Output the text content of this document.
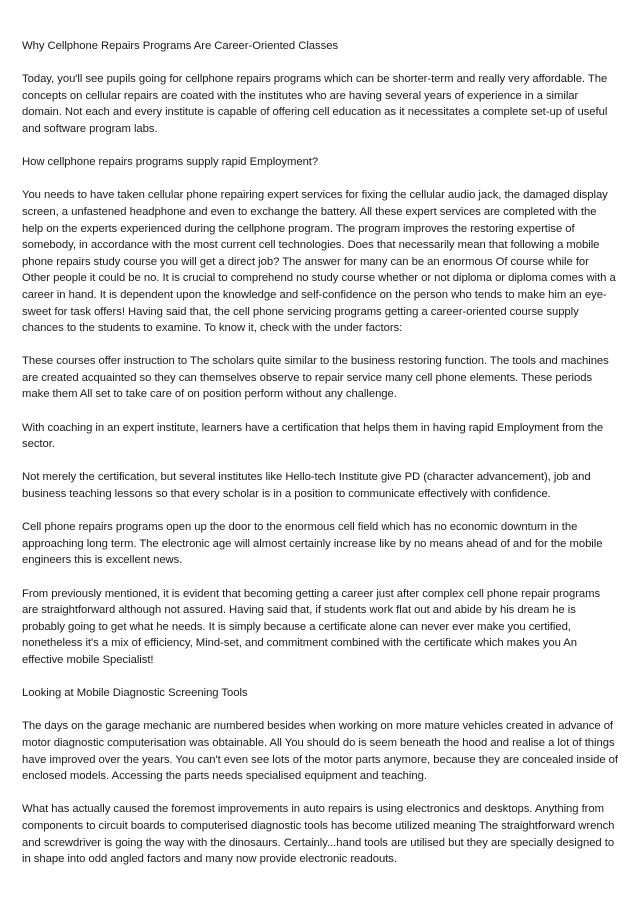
Why Cellphone Repairs Programs Are Career-Oriented Classes

Today, you'll see pupils going for cellphone repairs programs which can be shorter-term and really very affordable. The concepts on cellular repairs are coated with the institutes who are having several years of experience in a similar domain. Not each and every institute is capable of offering cell education as it necessitates a complete set-up of useful and software program labs.

How cellphone repairs programs supply rapid Employment?

You needs to have taken cellular phone repairing expert services for fixing the cellular audio jack, the damaged display screen, a unfastened headphone and even to exchange the battery. All these expert services are completed with the help on the experts experienced during the cellphone program. The program improves the restoring expertise of somebody, in accordance with the most current cell technologies. Does that necessarily mean that following a mobile phone repairs study course you will get a direct job? The answer for many can be an enormous Of course while for Other people it could be no. It is crucial to comprehend no study course whether or not diploma or diploma comes with a career in hand. It is dependent upon the knowledge and self-confidence on the person who tends to make him an eye-sweet for task offers! Having said that, the cell phone servicing programs getting a career-oriented course supply chances to the students to examine. To know it, check with the under factors:

These courses offer instruction to The scholars quite similar to the business restoring function. The tools and machines are created acquainted so they can themselves observe to repair service many cell phone elements. These periods make them All set to take care of on position perform without any challenge.

With coaching in an expert institute, learners have a certification that helps them in having rapid Employment from the sector.

Not merely the certification, but several institutes like Hello-tech Institute give PD (character advancement), job and business teaching lessons so that every scholar is in a position to communicate effectively with confidence.

Cell phone repairs programs open up the door to the enormous cell field which has no economic downturn in the approaching long term. The electronic age will almost certainly increase like by no means ahead of and for the mobile engineers this is excellent news.

From previously mentioned, it is evident that becoming getting a career just after complex cell phone repair programs are straightforward although not assured. Having said that, if students work flat out and abide by his dream he is probably going to get what he needs. It is simply because a certificate alone can never ever make you certified, nonetheless it's a mix of efficiency, Mind-set, and commitment combined with the certificate which makes you An effective mobile Specialist!

Looking at Mobile Diagnostic Screening Tools

The days on the garage mechanic are numbered besides when working on more mature vehicles created in advance of motor diagnostic computerisation was obtainable. All You should do is seem beneath the hood and realise a lot of things have improved over the years. You can't even see lots of the motor parts anymore, because they are concealed inside of enclosed models. Accessing the parts needs specialised equipment and teaching.

What has actually caused the foremost improvements in auto repairs is using electronics and desktops. Anything from components to circuit boards to computerised diagnostic tools has become utilized meaning The straightforward wrench and screwdriver is going the way with the dinosaurs. Certainly...hand tools are utilised but they are specially designed to in shape into odd angled factors and many now provide electronic readouts.
